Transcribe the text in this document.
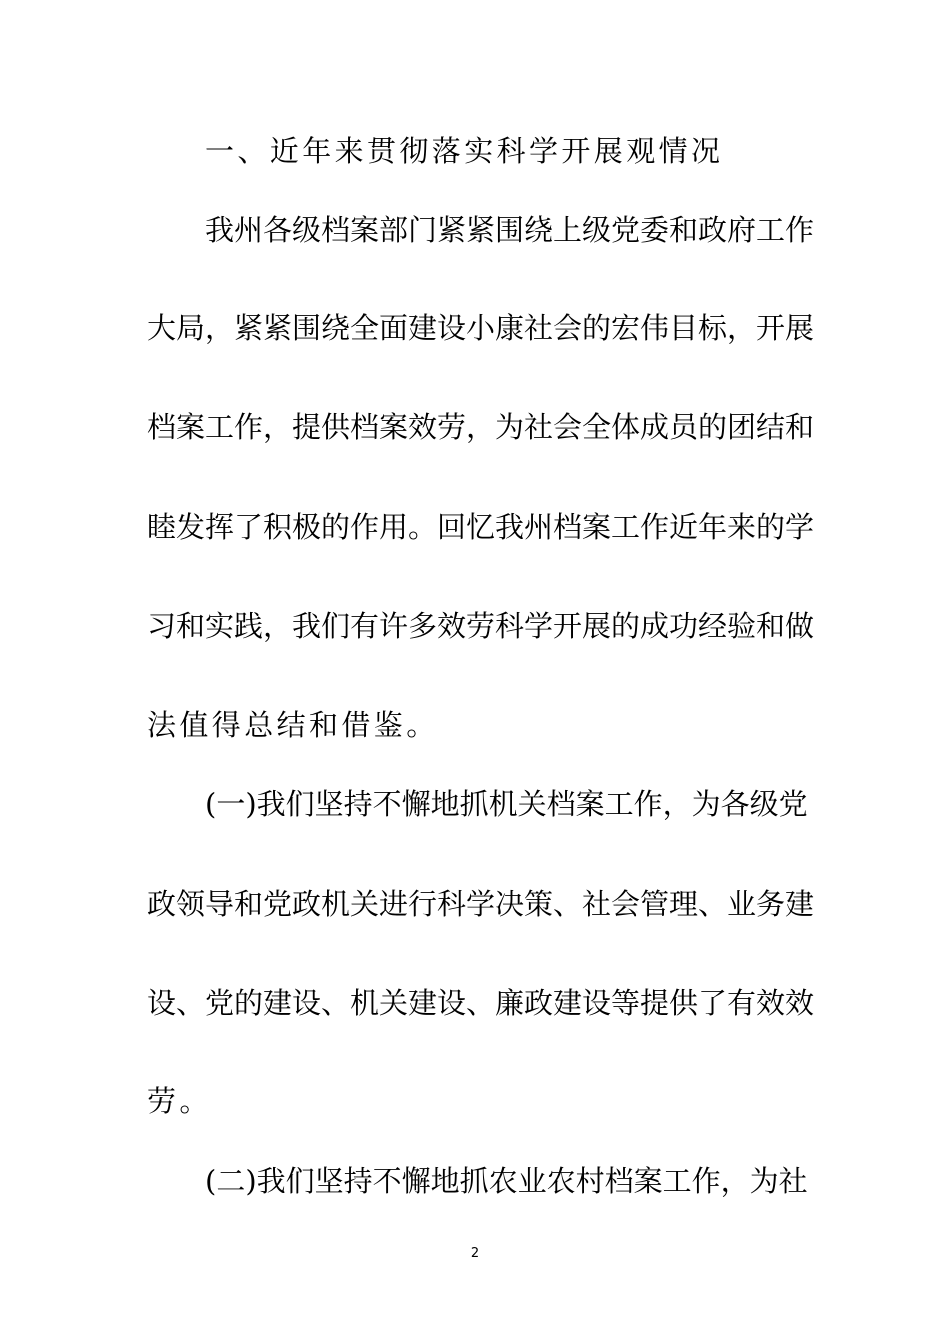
一、近年来贯彻落实科学开展观情况
我州各级档案部门紧紧围绕上级党委和政府工作
大局，紧紧围绕全面建设小康社会的宏伟目标，开展
档案工作，提供档案效劳，为社会全体成员的团结和
睦发挥了积极的作用。回忆我州档案工作近年来的学
习和实践，我们有许多效劳科学开展的成功经验和做
法值得总结和借鉴。
(一)我们坚持不懈地抓机关档案工作，为各级党
政领导和党政机关进行科学决策、社会管理、业务建
设、党的建设、机关建设、廉政建设等提供了有效效
劳。
(二)我们坚持不懈地抓农业农村档案工作，为社
2
